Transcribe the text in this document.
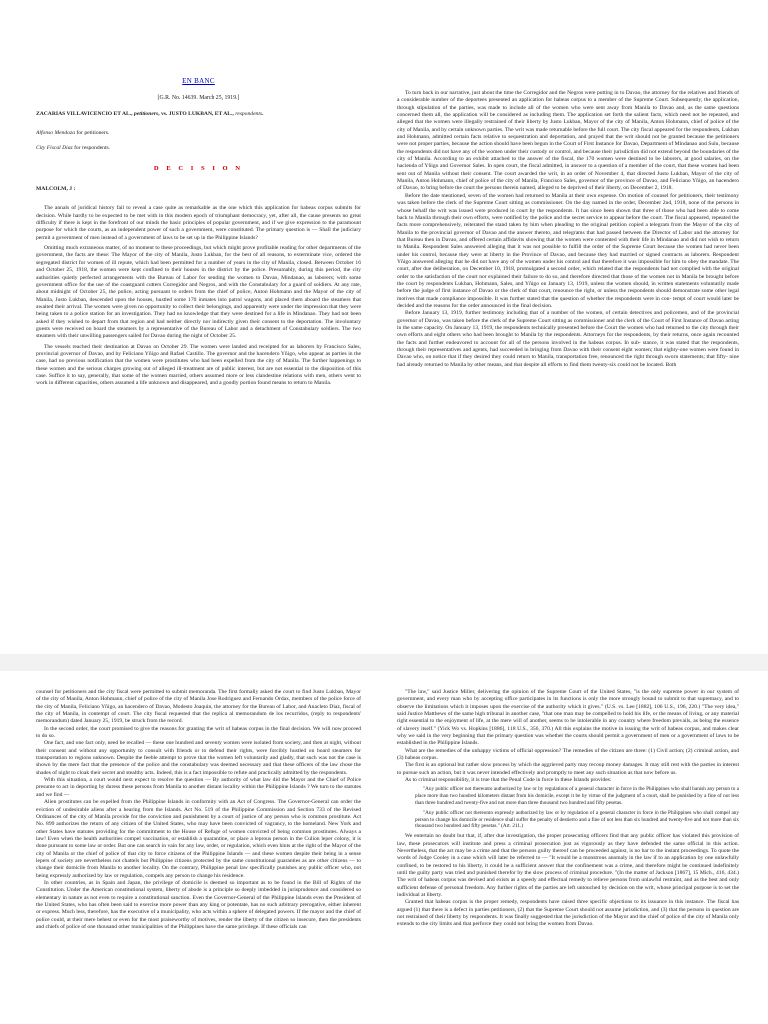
EN BANC

[G.R. No. 14639. March 25, 1919.]

ZACARIAS VILLAVICENCIO ET AL., petitioners, vs. JUSTO LUKBAN, ET AL., respondents.

Alfonso Mendoza for petitioners.

City Fiscal Diaz for respondents.

D E C I S I O N

MALCOLM, J :

The annals of juridical history fail to reveal a case quite as remarkable as the one which this application for habeas corpus submits for decision. While hardly to be expected to be met with in this modern epoch of triumphant democracy, yet, after all, the cause presents no great difficulty if there is kept in the forefront of our minds the basic principles of popular government, and if we give expression to the paramount purpose for which the courts, as an independent power of such a government, were constituted. The primary question is — Shall the judiciary permit a government of men instead of a government of laws to be set up in the Philippine Islands?

Omitting much extraneous matter, of no moment to these proceedings, but which might prove profitable reading for other departments of the government, the facts are these: The Mayor of the city of Manila, Justo Lukban, for the best of all reasons, to exterminate vice, ordered the segregated district for women of ill repute, which had been permitted for a number of years in the city of Manila, closed. Between October 16 and October 25, 1918, the women were kept confined to their houses in the district by the police. Presumably, during this period, the city authorities quietly perfected arrangements with the Bureau of Labor for sending the women to Davao, Mindanao, as laborers; with some government office for the use of the coastguard cutters Corregidor and Negros, and with the Constabulary for a guard of soldiers. At any rate, about midnight of October 25, the police, acting pursuant to orders from the chief of police, Anton Hohmann and the Mayor of the city of Manila, Justo Lukban, descended upon the houses, hustled some 170 inmates into patrol wagons, and placed them aboard the steamers that awaited their arrival. The women were given no opportunity to collect their belongings, and apparently were under the impression that they were being taken to a police station for an investigation. They had no knowledge that they were destined for a life in Mindanao. They had not been asked if they wished to depart from that region and had neither directly nor indirectly given their consent to the deportation. The involuntary guests were received on board the steamers by a representative of the Bureau of Labor and a detachment of Constabulary soldiers. The two steamers with their unwilling passengers sailed for Davao during the night of October 25.

The vessels reached their destination at Davao on October 29. The women were landed and receipted for as laborers by Francisco Sales, provincial governor of Davao, and by Feliciano Yñigo and Rafael Castillo. The governor and the hacendero Yñigo, who appear as parties in the case, had no previous notification that the women were prostitutes who had been expelled from the city of Manila. The further happenings to these women and the serious charges growing out of alleged ill-treatment are of public interest, but are not essential to the disposition of this case. Suffice it to say, generally, that some of the women married, others assumed more or less clandestine relations with men, others went to work in different capacities, others assumed a life unknown and disappeared, and a goodly portion found means to return to Manila.

To turn back in our narrative, just about the time the Corregidor and the Negros were putting in to Davao, the attorney for the relatives and friends of a considerable number of the deportees presented an application for habeas corpus to a member of the Supreme Court. Subsequently, the application, through stipulation of the parties, was made to include all of the women who were sent away from Manila to Davao and, as the same questions concerned them all, the application will be considered as including them. The application set forth the salient facts, which need not be repeated, and alleged that the women were illegally restrained of their liberty by Justo Lukban, Mayor of the city of Manila, Anton Hohmann, chief of police of the city of Manila, and by certain unknown parties. The writ was made returnable before the full court. The city fiscal appeared for the respondents, Lukban and Hohmann, admitted certain facts relative to sequestration and deportation, and prayed that the writ should not be granted because the petitioners were not proper parties, because the action should have been begun in the Court of First Instance for Davao, Department of Mindanao and Sulu, because the respondents did not have any of the women under their custody or control, and because their jurisdiction did not extend beyond the boundaries of the city of Manila. According to an exhibit attached to the answer of the fiscal, the 170 women were destined to be laborers, at good salaries, on the hacienda of Yñigo and Governor Sales. In open court, the fiscal admitted, in answer to a question of a member of the court, that these women had been sent out of Manila without their consent. The court awarded the writ, in an order of November 4, that directed Justo Lukban, Mayor of the city of Manila, Anton Hohmann, chief of police of the city of Manila, Francisco Sales, governor of the province of Davao, and Feliciano Yñigo, an hacendero of Davao, to bring before the court the persons therein named, alleged to be deprived of their liberty, on December 2, 1918.

Before the date mentioned, seven of the women had returned to Manila at their own expense. On motion of counsel for petitioners, their testimony was taken before the clerk of the Supreme Court sitting as commissioner. On the day named in the order, December 2nd, 1918, none of the persons in whose behalf the writ was issued were produced in court by the respondents. It has since been shown that three of those who had been able to come back to Manila through their own efforts, were notified by the police and the secret service to appear before the court. The fiscal appeared, repeated the facts more comprehensively, reiterated the stand taken by him when pleading to the original petition copied a telegram from the Mayor of the city of Manila to the provincial governor of Davao and the answer thereto, and telegrams that had passed between the Director of Labor and the attorney for that Bureau then in Davao, and offered certain affidavits showing that the women were contented with their life in Mindanao and did not wish to return to Manila. Respondent Sales answered alleging that it was not possible to fulfill the order of the Supreme Court because the women had never been under his control, because they were at liberty in the Province of Davao, and because they had married or signed contracts as laborers. Respondent Yñigo answered alleging that he did not have any of the women under his control and that therefore it was impossible for him to obey the mandate. The court, after due deliberation, on December 10, 1918, promulgated a second order, which related that the respondents had not complied with the original order to the satisfaction of the court nor explained their failure to do so, and therefore directed that those of the women not in Manila be brought before the court by respondents Lukban, Hohmann, Sales, and Yñigo on January 13, 1919, unless the women should, in written statements voluntarily made before the judge of first instance of Davao or the clerk of that court, renounce the right, or unless the respondents should demonstrate some other legal motives that made compliance impossible. It was further stated that the question of whether the respondents were in con- tempt of court would later be decided and the reasons for the order announced in the final decision.

Before January 13, 1919, further testimony including that of a number of the women, of certain detectives and policemen, and of the provincial governor of Davao, was taken before the clerk of the Supreme Court sitting as commissioner and the clerk of the Court of First Instance of Davao acting in the same capacity. On January 13, 1919, the respondents technically presented before the Court the women who had returned to the city through their own efforts and eight others who had been brought to Manila by the respondents. Attorneys for the respondents, by their returns, once again recounted the facts and further endeavored to account for all of the persons involved in the habeas corpus. In sub- stance, it was stated that the respondents, through their representatives and agents, had succeeded in bringing from Davao with their consent eight women; that eighty-one women were found in Davao who, on notice that if they desired they could return to Manila, transportation free, renounced the right through sworn statements; that fifty- nine had already returned to Manila by other means, and that despite all efforts to find them twenty-six could not be located. Both

counsel for petitioners and the city fiscal were permitted to submit memoranda. The first formally asked the court to find Justo Lukban, Mayor of the city of Manila, Anton Hohmann, chief of police of the city of Manila Jose Rodriguez and Fernando Ordax, members of the police force of the city of Manila, Feliciano Yñigo, an hacendero of Davao, Modesto Joaquin, the attorney for the Bureau of Labor, and Anacleto Diaz, fiscal of the city of Manila, in contempt of court. The city fiscal requested that the replica al memorandum de los recurridos, (reply to respondents' memorandum) dated January 25, 1919, be struck from the record.

In the second order, the court promised to give the reasons for granting the writ of habeas corpus in the final decision. We will now proceed to do so.

One fact, and one fact only, need be recalled — these one hundred and seventy women were isolated from society, and then at night, without their consent and without any opportunity to consult with friends or to defend their rights, were forcibly hustled on board steamers for transportation to regions unknown. Despite the feeble attempt to prove that the women left voluntarily and gladly, that such was not the case is shown by the mere fact that the presence of the police and the constabulary was deemed necessary and that these officers of the law chose the shades of night to cloak their secret and stealthy acts. Indeed, this is a fact impossible to refute and practically admitted by the respondents.

With this situation, a court would next expect to resolve the question — By authority of what law did the Mayor and the Chief of Police presume to act in deporting by duress these persons from Manila to another distant locality within the Philippine Islands ? We turn to the statutes and we find —

Alien prostitutes can be expelled from the Philippine Islands in conformity with an Act of Congress. The Governor-General can order the eviction of undesirable aliens after a hearing from the Islands. Act No. 519 of the Philippine Commission and Section 733 of the Revised Ordinances of the city of Manila provide for the conviction and punishment by a court of justice of any person who is common prostitute. Act No. 899 authorizes the return of any citizen of the United States, who may have been convicted of vagrancy, to the homeland. New York and other States have statutes providing for the commitment to the House of Refuge of women convicted of being common prostitutes. Always a law! Even when the health authorities compel vaccination, or establish a quarantine, or place a leprous person in the Culion leper colony, it is done pursuant to some law or order. But one can search in vain for any law, order, or regulation, which even hints at the right of the Mayor of the city of Manila or the chief of police of that city to force citizens of the Philippine Islands — and these women despite their being in a sense lepers of society are nevertheless not chattels but Philippine citizens protected by the same constitutional guaranties as are other citizens — to change their domicile from Manila to another locality. On the contrary, Philippine penal law specifically punishes any public officer who, not being expressly authorized by law or regulation, compels any person to change his residence.

In other countries, as in Spain and Japan, the privilege of domicile is deemed so important as to be found in the Bill of Rights of the Constitution. Under the American constitutional system, liberty of abode is a principle so deeply imbedded in jurisprudence and considered so elementary in nature as not even to require a constitutional sanction. Even the Governor-General of the Philippine Islands even the President of the United States, who has often been said to exercise more power than any king or potentate, has no such arbitrary prerogative, either inherent or express. Much less, therefore, has the executive of a municipality, who acts within a sphere of delegated powers. If the mayor and the chief of police could, at their mere behest or even for the most praiseworthy of motives, render the liberty of the citizen so insecure, then the presidents and chiefs of police of one thousand other municipalities of the Philippines have the same privilege. If these officials can

"The law," said Justice Miller, delivering the opinion of the Supreme Court of the United States, "is the only supreme power in our system of government, and every man who by accepting office participates in its functions is only the more strongly bound to submit to that supremacy, and to observe the limitations which it imposes upon the exercise of the authority which it gives." (U.S. vs. Lee [1882], 106 U.S., 196, 220.) "The very idea," said Justice Matthews of the same high tribunal in another case, "that one man may be compelled to hold his life, or the means of living, or any material right essential to the enjoyment of life, at the mere will of another, seems to be intolerable in any country where freedom prevails, as being the essence of slavery itself." (Yick Wo vs. Hopkins [1886], 118 U.S., 356, 370.) All this explains the motive in issuing the writ of habeas corpus, and makes clear why we said in the very beginning that the primary question was whether the courts should permit a government of men or a government of laws to be established in the Philippine Islands.

What are the remedies of the unhappy victims of official oppression? The remedies of the citizen are three: (1) Civil action; (2) criminal action, and (3) habeas corpus.

The first is an optional but rather slow process by which the aggrieved party may recoup money damages. It may still rest with the parties in interest to pursue such an action, but it was never intended effectively and promptly to meet any such situation as that now before us.

As to criminal responsibility, it is true that the Penal Code in force in these Islands provides:

"Any public officer not thereunto authorized by law or by regulations of a general character in force in the Philippines who shall banish any person to a place more than two hundred kilometers distant from his domicile, except it be by virtue of the judgment of a court, shall be punished by a fine of not less than three hundred and twenty-five and not more than three thousand two hundred and fifty pesetas.

"Any public officer not thereunto expressly authorized by law or by regulation of a general character in force in the Philippines who shall compel any person to change his domicile or residence shall suffer the penalty of destierro and a fine of not less than six hundred and twenty-five and not more than six thousand two hundred and fifty pesetas." (Art. 211.)

We entertain no doubt but that, if, after due investigation, the proper prosecuting officers find that any public officer has violated this provision of law, these prosecutors will institute and press a criminal prosecution just as vigorously as they have defended the same official in this action. Nevertheless, that the act may be a crime and that the persons guilty thereof can be proceeded against, is no bar to the instant proceedings. To quote the words of Judge Cooley in a case which will later be referred to — "It would be a monstrous anomaly in the law if to an application by one unlawfully confined, to be restored to his liberty, it could be a sufficient answer that the confinement was a crime, and therefore might be continued indefinitely until the guilty party was tried and punished therefor by the slow process of criminal procedure. "(In the matter of Jackson [1867], 15 Mich., 416, 434.) The writ of habeas corpus was devised and exists as a speedy and effectual remedy to relieve persons from unlawful restraint, and as the best and only sufficient defense of personal freedom. Any further rights of the parties are left untouched by decision on the writ, whose principal purpose is to set the individual at liberty.

Granted that habeas corpus is the proper remedy, respondents have raised three specific objections to its issuance in this instance. The fiscal has argued (1) that there is a defect in parties petitioners, (2) that the Supreme Court should not assume jurisdiction, and (3) that the persons in question are not restrained of their liberty by respondents. It was finally suggested that the jurisdiction of the Mayor and the chief of police of the city of Manila only extends to the city limits and that perforce they could not bring the women from Davao.
